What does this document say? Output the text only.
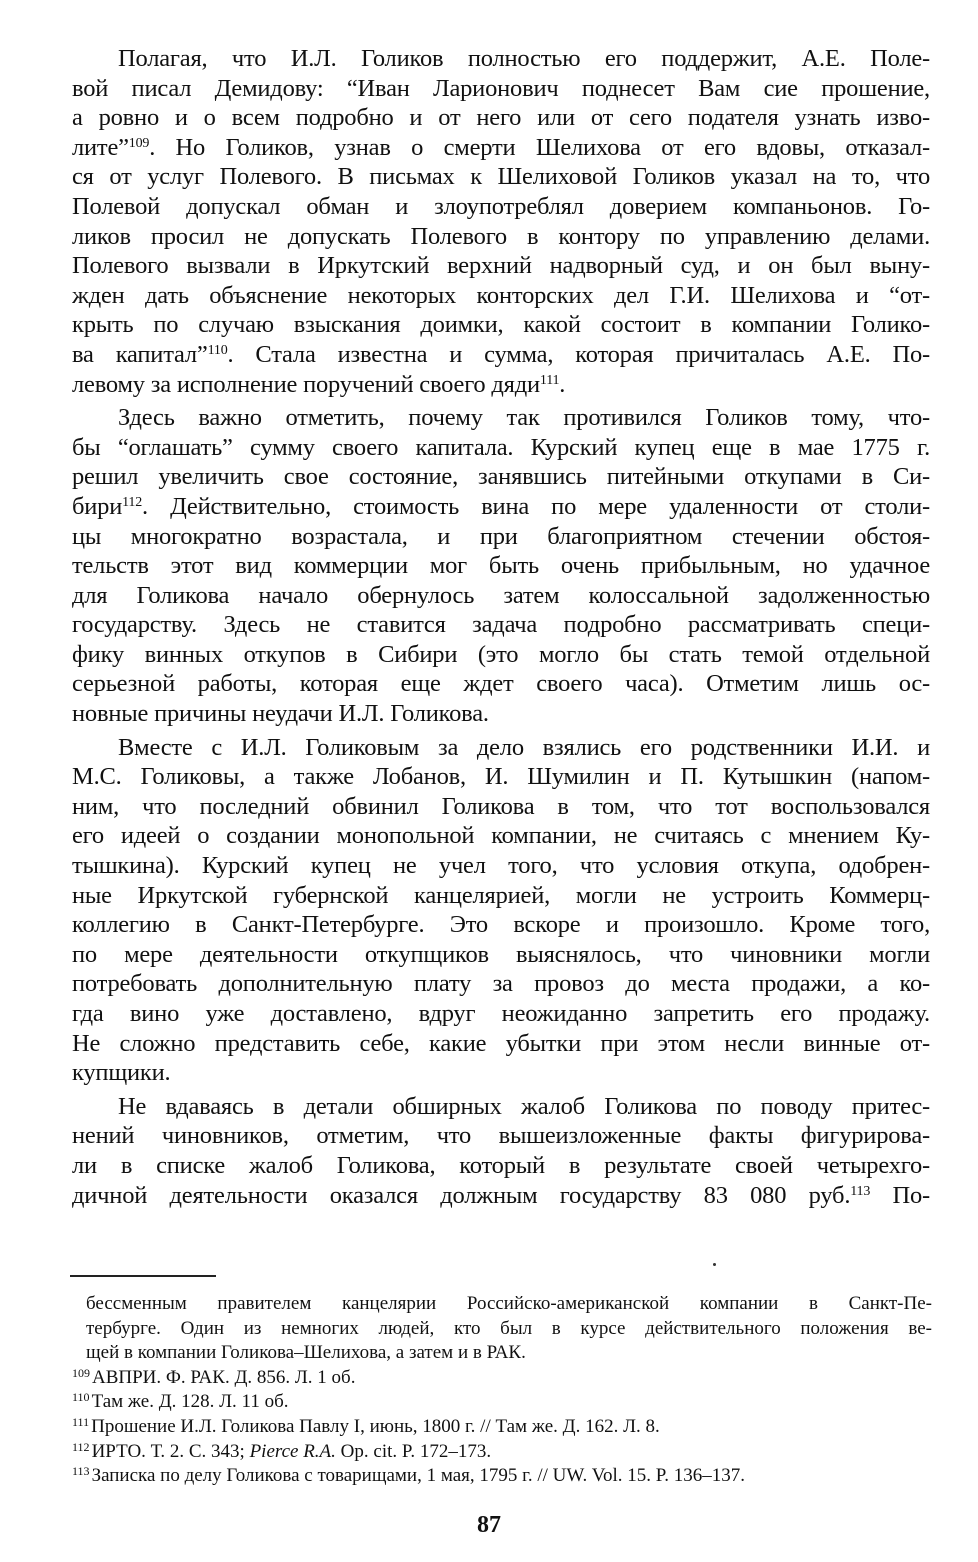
Полагая, что И.Л. Голиков полностью его поддержит, А.Е. Поле-
вой писал Демидову: “Иван Ларионович поднесет Вам сие прошение,
а ровно и о всем подробно и от него или от сего подателя узнать изво-
лите”$^{109}$. Но Голиков, узнав о смерти Шелихова от его вдовы, отказал-
ся от услуг Полевого. В письмах к Шелиховой Голиков указал на то, что
Полевой допускал обман и злоупотреблял доверием компаньонов. Го-
ликов просил не допускать Полевого в контору по управлению делами.
Полевого вызвали в Иркутский верхний надворный суд, и он был выну-
жден дать объяснение некоторых конторских дел Г.И. Шелихова и “от-
крыть по случаю взыскания доимки, какой состоит в компании Голико-
ва капитал”$^{110}$. Стала известна и сумма, которая причиталась А.Е. По-
левому за исполнение поручений своего дяди$^{111}$.
Здесь важно отметить, почему так противился Голиков тому, что-
бы “оглашать” сумму своего капитала. Курский купец еще в мае 1775 г.
решил увеличить свое состояние, занявшись питейными откупами в Си-
бири$^{112}$. Действительно, стоимость вина по мере удаленности от столи-
цы многократно возрастала, и при благоприятном стечении обстоя-
тельств этот вид коммерции мог быть очень прибыльным, но удачное
для Голикова начало обернулось затем колоссальной задолженностью
государству. Здесь не ставится задача подробно рассматривать специ-
фику винных откупов в Сибири (это могло бы стать темой отдельной
серьезной работы, которая еще ждет своего часа). Отметим лишь ос-
новные причины неудачи И.Л. Голикова.
Вместе с И.Л. Голиковым за дело взялись его родственники И.И. и
М.С. Голиковы, а также Лобанов, И. Шумилин и П. Кутышкин (напом-
ним, что последний обвинил Голикова в том, что тот воспользовался
его идеей о создании монопольной компании, не считаясь с мнением Ку-
тышкина). Курский купец не учел того, что условия откупа, одобрен-
ные Иркутской губернской канцелярией, могли не устроить Коммерц-
коллегию в Санкт-Петербурге. Это вскоре и произошло. Кроме того,
по мере деятельности откупщиков выяснялось, что чиновники могли
потребовать дополнительную плату за провоз до места продажи, а ко-
гда вино уже доставлено, вдруг неожиданно запретить его продажу.
Не сложно представить себе, какие убытки при этом несли винные от-
купщики.
Не вдаваясь в детали обширных жалоб Голикова по поводу притес-
нений чиновников, отметим, что вышеизложенные факты фигурирова-
ли в списке жалоб Голикова, который в результате своей четырехго-
дичной деятельности оказался должным государству 83 080 руб.$^{113}$ По-
бессменным правителем канцелярии Российско-американской компании в Санкт-Пе-
тербурге. Один из немногих людей, кто был в курсе действительного положения ве-
щей в компании Голикова–Шелихова, а затем и в РАК.
$^{109}$ АВПРИ. Ф. РАК. Д. 856. Л. 1 об.
$^{110}$ Там же. Д. 128. Л. 11 об.
$^{111}$ Прошение И.Л. Голикова Павлу I, июнь, 1800 г. // Там же. Д. 162. Л. 8.
$^{112}$ ИРТО. Т. 2. С. 343; Pierce R.A. Op. cit. P. 172–173.
$^{113}$ Записка по делу Голикова с товарищами, 1 мая, 1795 г. // UW. Vol. 15. P. 136–137.
87
